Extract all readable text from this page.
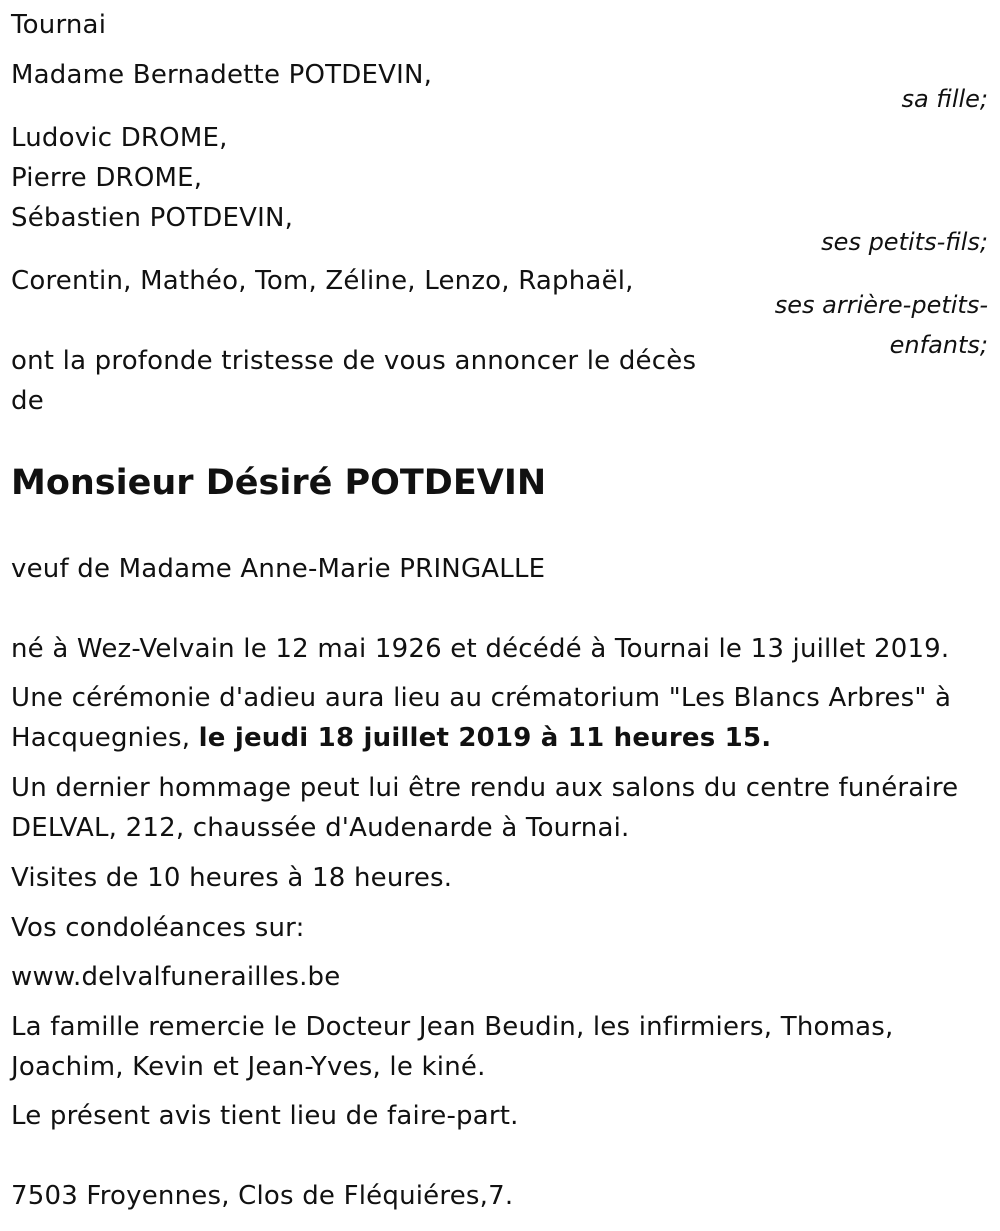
Tournai
Madame Bernadette POTDEVIN,
sa fille;
Ludovic DROME,
Pierre DROME,
Sébastien POTDEVIN,
ses petits-fils;
Corentin, Mathéo, Tom, Zéline, Lenzo, Raphaël,
ses arrière-petits-
enfants;
ont la profonde tristesse de vous annoncer le décès
de
Monsieur Désiré POTDEVIN
veuf de Madame Anne-Marie PRINGALLE
né à Wez-Velvain le 12 mai 1926 et décédé à Tournai le 13 juillet 2019.
Une cérémonie d'adieu aura lieu au crématorium "Les Blancs Arbres" à
Hacquegnies, le jeudi 18 juillet 2019 à 11 heures 15.
Un dernier hommage peut lui être rendu aux salons du centre funéraire
DELVAL, 212, chaussée d'Audenarde à Tournai.
Visites de 10 heures à 18 heures.
Vos condoléances sur:
www.delvalfunerailles.be
La famille remercie le Docteur Jean Beudin, les infirmiers, Thomas,
Joachim, Kevin et Jean-Yves, le kiné.
Le présent avis tient lieu de faire-part.
7503 Froyennes, Clos de Fléquiéres,7.
